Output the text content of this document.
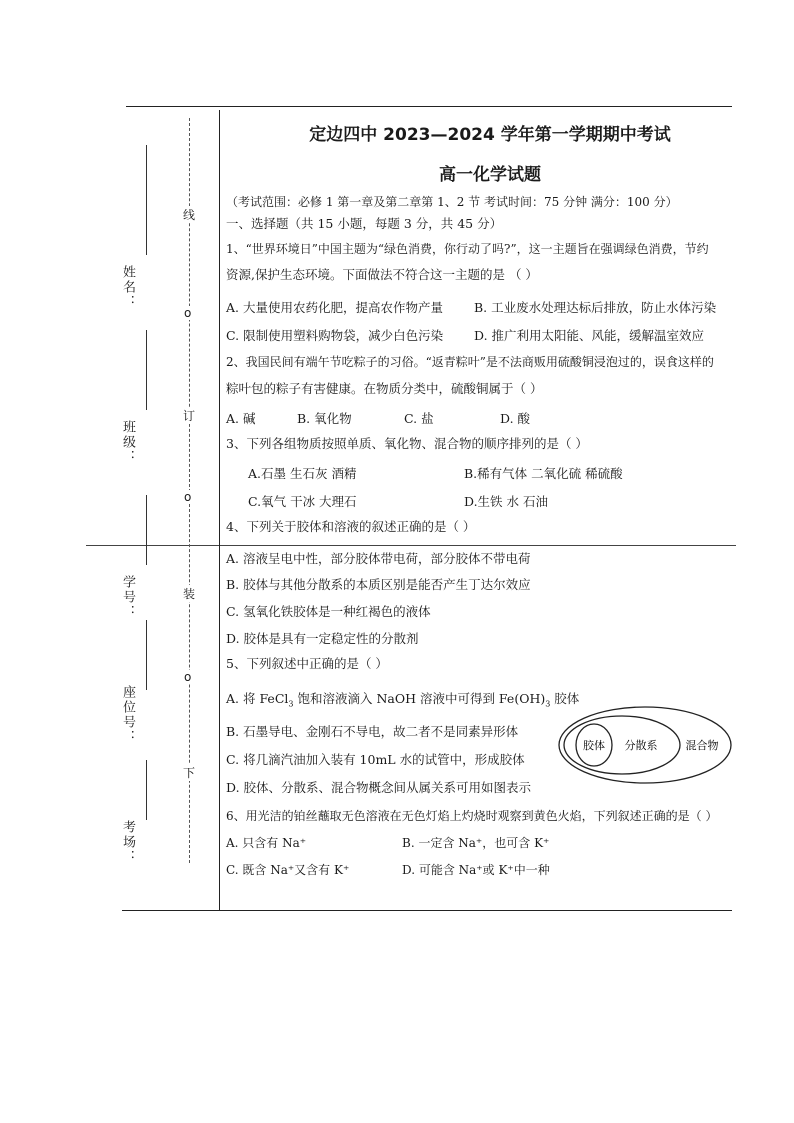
姓名：
班级：
学号：
座位号：
考场：
线
o
订
o
装
o
下
定边四中 2023—2024 学年第一学期期中考试
高一化学试题
（考试范围：必修 1 第一章及第二章第 1、2 节 考试时间：75 分钟 满分：100 分）
一、选择题（共 15 小题，每题 3 分，共 45 分）
1、“世界环境日”中国主题为“绿色消费，你行动了吗?”，这一主题旨在强调绿色消费，节约
资源,保护生态环境。下面做法不符合这一主题的是 （ ）
A. 大量使用农药化肥，提高农作物产量 B. 工业废水处理达标后排放，防止水体污染
C. 限制使用塑料购物袋，减少白色污染 D. 推广利用太阳能、风能，缓解温室效应
2、我国民间有端午节吃粽子的习俗。“返青粽叶”是不法商贩用硫酸铜浸泡过的，误食这样的
粽叶包的粽子有害健康。在物质分类中，硫酸铜属于（ ）
A. 碱	B. 氧化物	C. 盐	D. 酸
3、下列各组物质按照单质、氧化物、混合物的顺序排列的是（ ）
A.石墨 生石灰 酒精	B.稀有气体 二氧化硫 稀硫酸
C.氧气 干冰 大理石	D.生铁 水 石油
4、下列关于胶体和溶液的叙述正确的是（ ）
A. 溶液呈电中性，部分胶体带电荷，部分胶体不带电荷
B. 胶体与其他分散系的本质区别是能否产生丁达尔效应
C. 氢氧化铁胶体是一种红褐色的液体
D. 胶体是具有一定稳定性的分散剂
5、下列叙述中正确的是（ ）
A. 将 FeCl$_3$ 饱和溶液滴入 NaOH 溶液中可得到 $Fe(OH)_3$ 胶体
B. 石墨导电、金刚石不导电，故二者不是同素异形体
C. 将几滴汽油加入装有 10mL 水的试管中，形成胶体
D. 胶体、分散系、混合物概念间从属关系可用如图表示
胶体 分散系	混合物
6、用光洁的铂丝蘸取无色溶液在无色灯焰上灼烧时观察到黄色火焰，下列叙述正确的是（ ）
A. 只含有 Na⁺	B. 一定含 Na⁺，也可含 K⁺
C. 既含 Na⁺又含有 K⁺	D. 可能含 Na⁺或 K⁺中一种
